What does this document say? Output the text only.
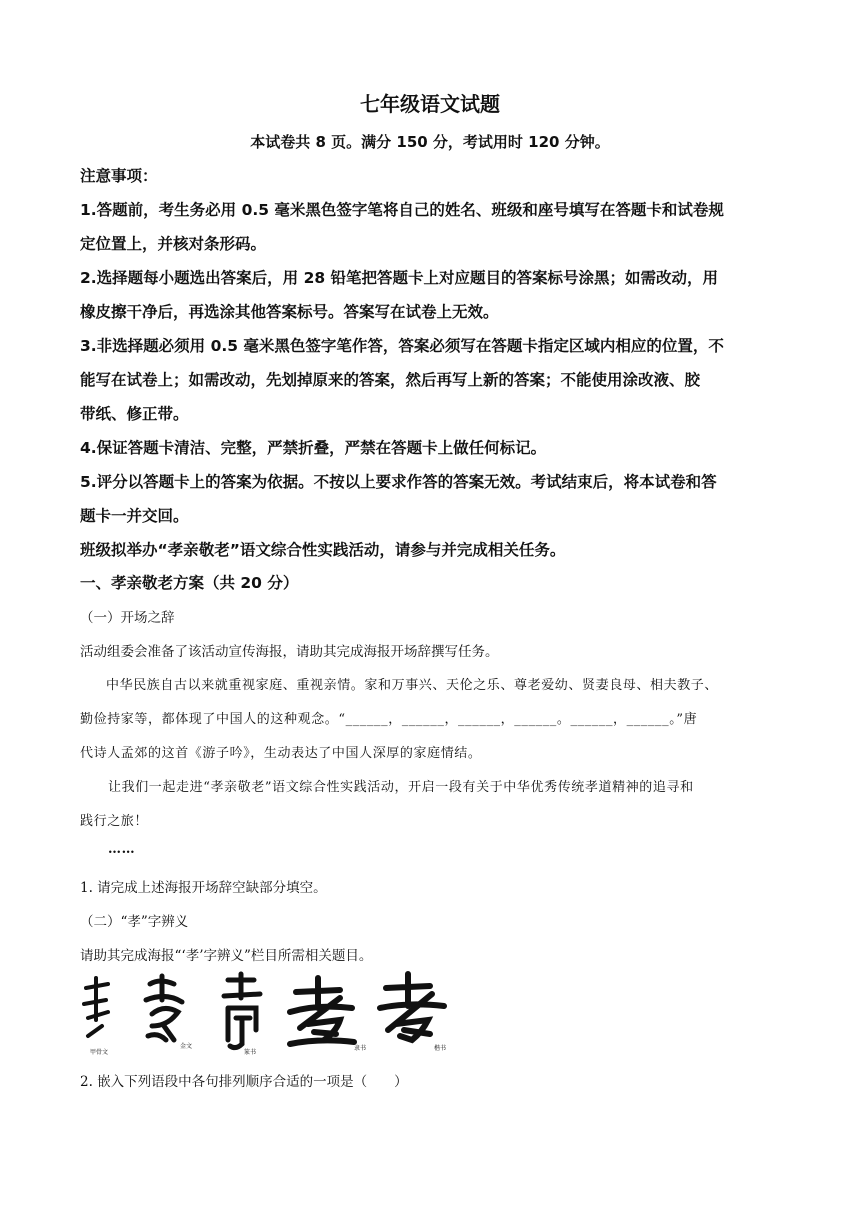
七年级语文试题
本试卷共 8 页。满分 150 分，考试用时 120 分钟。
注意事项：
1.答题前，考生务必用 0.5 毫米黑色签字笔将自己的姓名、班级和座号填写在答题卡和试卷规
定位置上，并核对条形码。
2.选择题每小题选出答案后，用 28 铅笔把答题卡上对应题目的答案标号涂黑；如需改动，用
橡皮擦干净后，再选涂其他答案标号。答案写在试卷上无效。
3.非选择题必须用 0.5 毫米黑色签字笔作答，答案必须写在答题卡指定区域内相应的位置，不
能写在试卷上；如需改动，先划掉原来的答案，然后再写上新的答案；不能使用涂改液、胶
带纸、修正带。
4.保证答题卡清洁、完整，严禁折叠，严禁在答题卡上做任何标记。
5.评分以答题卡上的答案为依据。不按以上要求作答的答案无效。考试结束后，将本试卷和答
题卡一并交回。
班级拟举办“孝亲敬老”语文综合性实践活动，请参与并完成相关任务。
一、孝亲敬老方案（共 20 分）
（一）开场之辞
活动组委会准备了该活动宣传海报，请助其完成海报开场辞撰写任务。
中华民族自古以来就重视家庭、重视亲情。家和万事兴、天伦之乐、尊老爱幼、贤妻良母、相夫教子、
勤俭持家等，都体现了中国人的这种观念。“______，______，______，______。______，______。”唐
代诗人孟郊的这首《游子吟》，生动表达了中国人深厚的家庭情结。
让我们一起走进“孝亲敬老”语文综合性实践活动，开启一段有关于中华优秀传统孝道精神的追寻和
践行之旅！
……
1. 请完成上述海报开场辞空缺部分填空。
（二）“孝”字辨义
请助其完成海报“‘孝’字辨义”栏目所需相关题目。
甲骨文
金文
篆书
隶书	楷书
2. 嵌入下列语段中各句排列顺序合适的一项是（　　）
